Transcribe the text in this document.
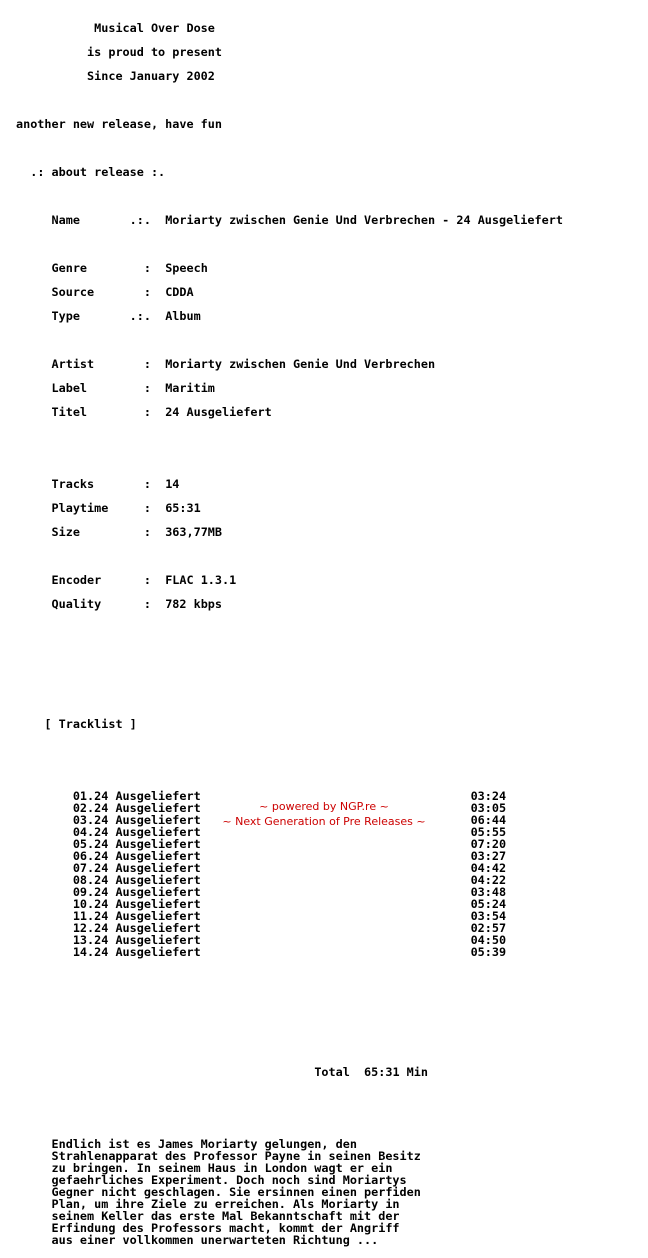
Musical Over Dose

is proud to present

Since January 2002

another new release, have fun

.: about release :.

Name	.:. Moriarty zwischen Genie Und Verbrechen - 24 Ausgeliefert

Genre	: Speech

Source	: CDDA

Type	.:. Album

Artist	: Moriarty zwischen Genie Und Verbrechen

Label	: Maritim

Titel	: 24 Ausgeliefert

Tracks	: 14

Playtime	: 65:31

Size	: 363,77MB

Encoder	: FLAC 1.3.1

Quality	: 782 kbps

[ Tracklist ]

01.24 Ausgeliefert	03:24
02.24 Ausgeliefert	03:05
03.24 Ausgeliefert	06:44
04.24 Ausgeliefert	05:55
05.24 Ausgeliefert	07:20
06.24 Ausgeliefert	03:27
07.24 Ausgeliefert	04:42
08.24 Ausgeliefert	04:22
09.24 Ausgeliefert	03:48
10.24 Ausgeliefert	05:24
11.24 Ausgeliefert	03:54
12.24 Ausgeliefert	02:57
13.24 Ausgeliefert	04:50
14.24 Ausgeliefert	05:39

Total 65:31 Min

Endlich ist es James Moriarty gelungen, den
Strahlenapparat des Professor Payne in seinen Besitz
zu bringen. In seinem Haus in London wagt er ein
gefaehrliches Experiment. Doch noch sind Moriartys
Gegner nicht geschlagen. Sie ersinnen einen perfiden
Plan, um ihre Ziele zu erreichen. Als Moriarty in
seinem Keller das erste Mal Bekanntschaft mit der
Erfindung des Professors macht, kommt der Angriff
aus einer vollkommen unerwarteten Richtung ...

~ powered by NGP.re ~
~ Next Generation of Pre Releases ~
